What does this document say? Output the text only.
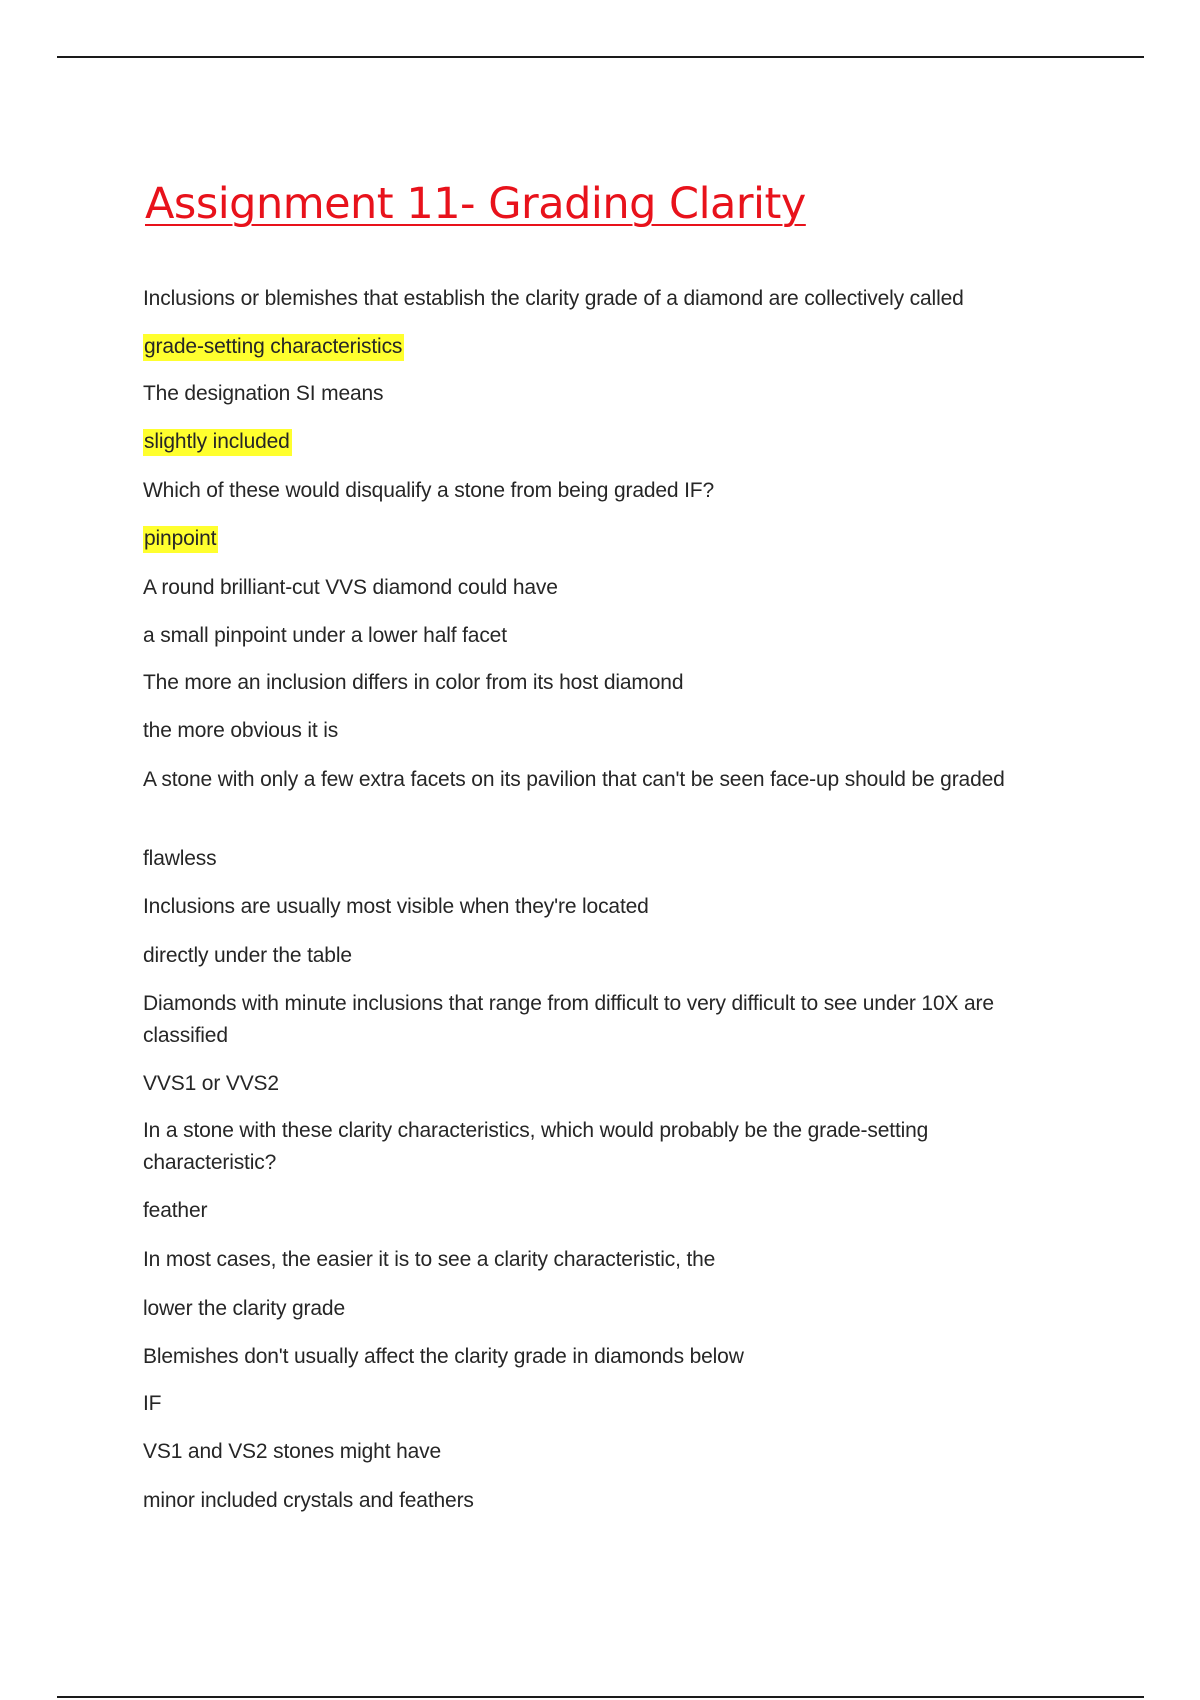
Assignment 11- Grading Clarity

Inclusions or blemishes that establish the clarity grade of a diamond are collectively called

grade-setting characteristics

The designation SI means

slightly included

Which of these would disqualify a stone from being graded IF?

pinpoint

A round brilliant-cut VVS diamond could have

a small pinpoint under a lower half facet

The more an inclusion differs in color from its host diamond

the more obvious it is

A stone with only a few extra facets on its pavilion that can't be seen face-up should be graded

flawless

Inclusions are usually most visible when they're located

directly under the table

Diamonds with minute inclusions that range from difficult to very difficult to see under 10X are classified

VVS1 or VVS2

In a stone with these clarity characteristics, which would probably be the grade-setting characteristic?

feather

In most cases, the easier it is to see a clarity characteristic, the

lower the clarity grade

Blemishes don't usually affect the clarity grade in diamonds below

IF

VS1 and VS2 stones might have

minor included crystals and feathers
